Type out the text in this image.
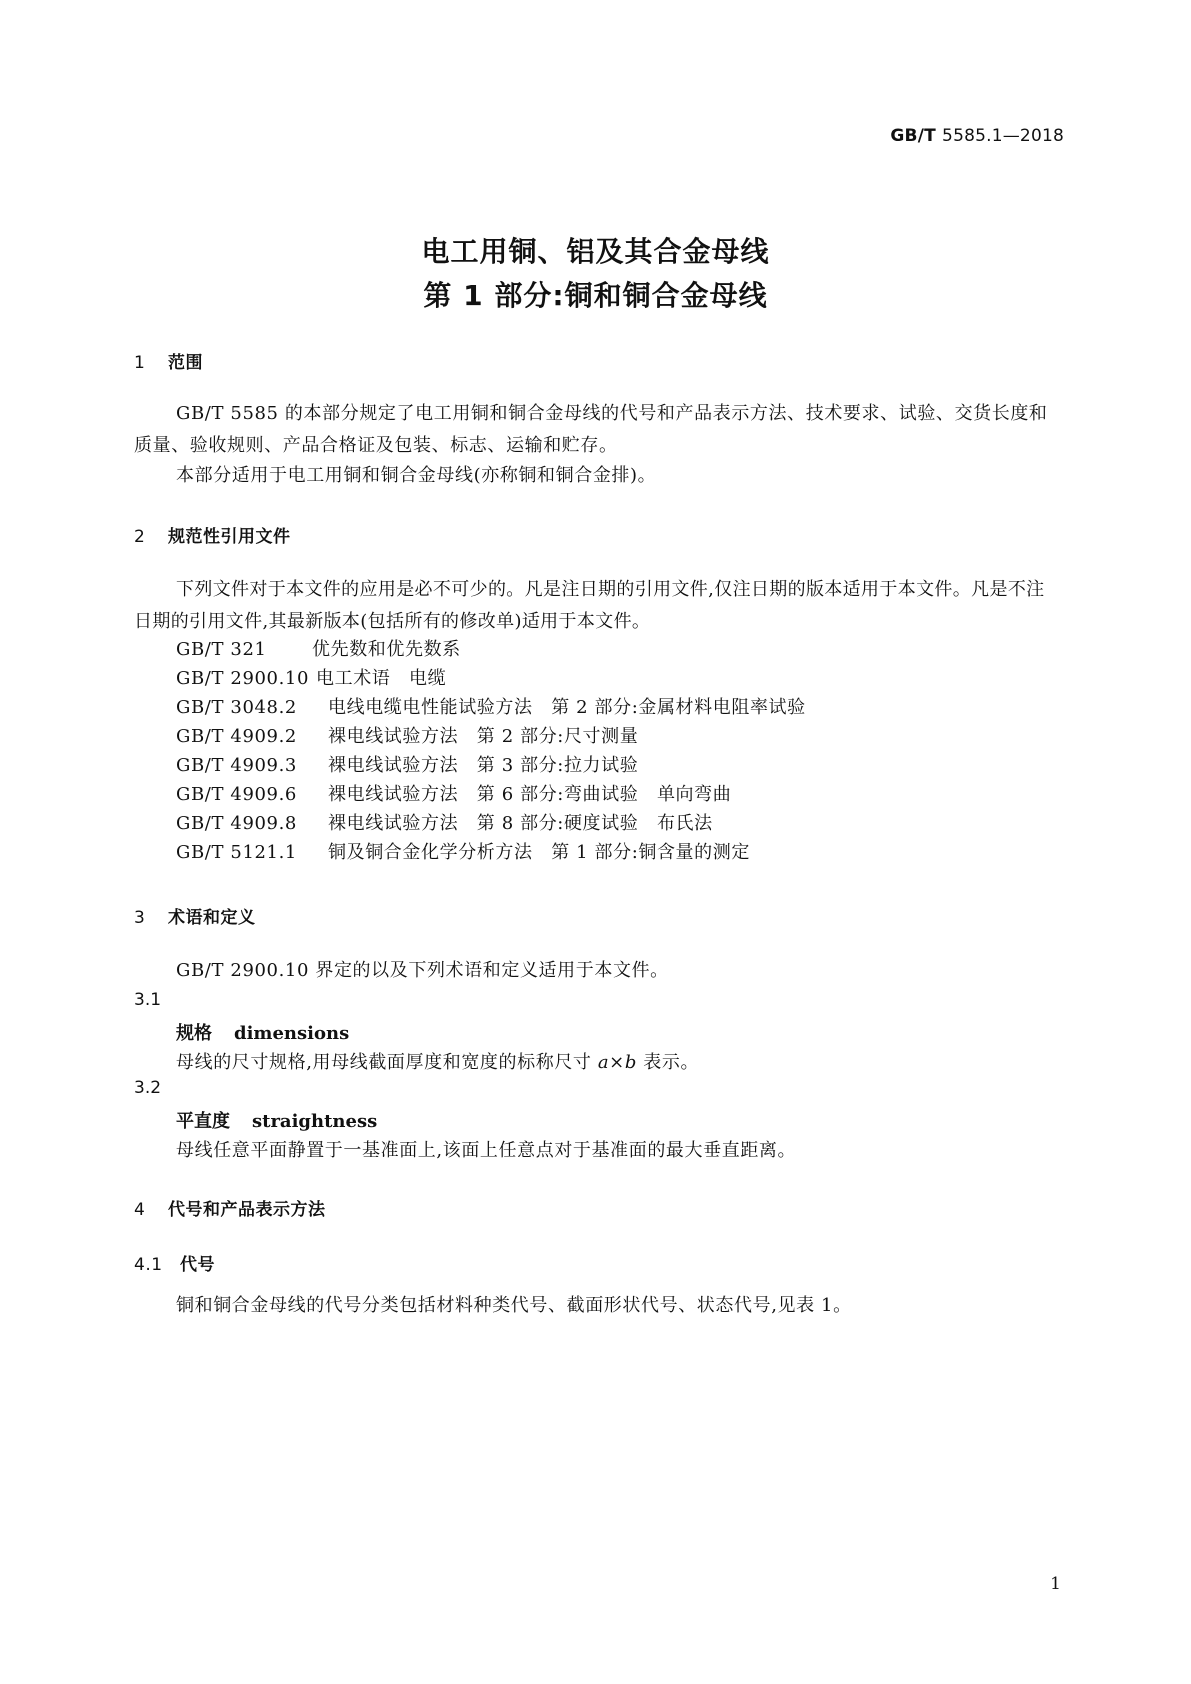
GB/T 5585.1—2018
电工用铜、铝及其合金母线
第 1 部分:铜和铜合金母线
1 范围
GB/T 5585 的本部分规定了电工用铜和铜合金母线的代号和产品表示方法、技术要求、试验、交货长度和质量、验收规则、产品合格证及包装、标志、运输和贮存。
本部分适用于电工用铜和铜合金母线(亦称铜和铜合金排)。
2 规范性引用文件
下列文件对于本文件的应用是必不可少的。凡是注日期的引用文件,仅注日期的版本适用于本文件。凡是不注日期的引用文件,其最新版本(包括所有的修改单)适用于本文件。
GB/T 321	优先数和优先数系
GB/T 2900.10 电工术语　电缆
GB/T 3048.2 电线电缆电性能试验方法　第 2 部分:金属材料电阻率试验
GB/T 4909.2 裸电线试验方法　第 2 部分:尺寸测量
GB/T 4909.3 裸电线试验方法　第 3 部分:拉力试验
GB/T 4909.6 裸电线试验方法　第 6 部分:弯曲试验　单向弯曲
GB/T 4909.8 裸电线试验方法　第 8 部分:硬度试验　布氏法
GB/T 5121.1 铜及铜合金化学分析方法　第 1 部分:铜含量的测定
3 术语和定义
GB/T 2900.10 界定的以及下列术语和定义适用于本文件。
3.1
规格 dimensions
母线的尺寸规格,用母线截面厚度和宽度的标称尺寸 a×b 表示。
3.2
平直度 straightness
母线任意平面静置于一基准面上,该面上任意点对于基准面的最大垂直距离。
4 代号和产品表示方法
4.1 代号
铜和铜合金母线的代号分类包括材料种类代号、截面形状代号、状态代号,见表 1。
1
